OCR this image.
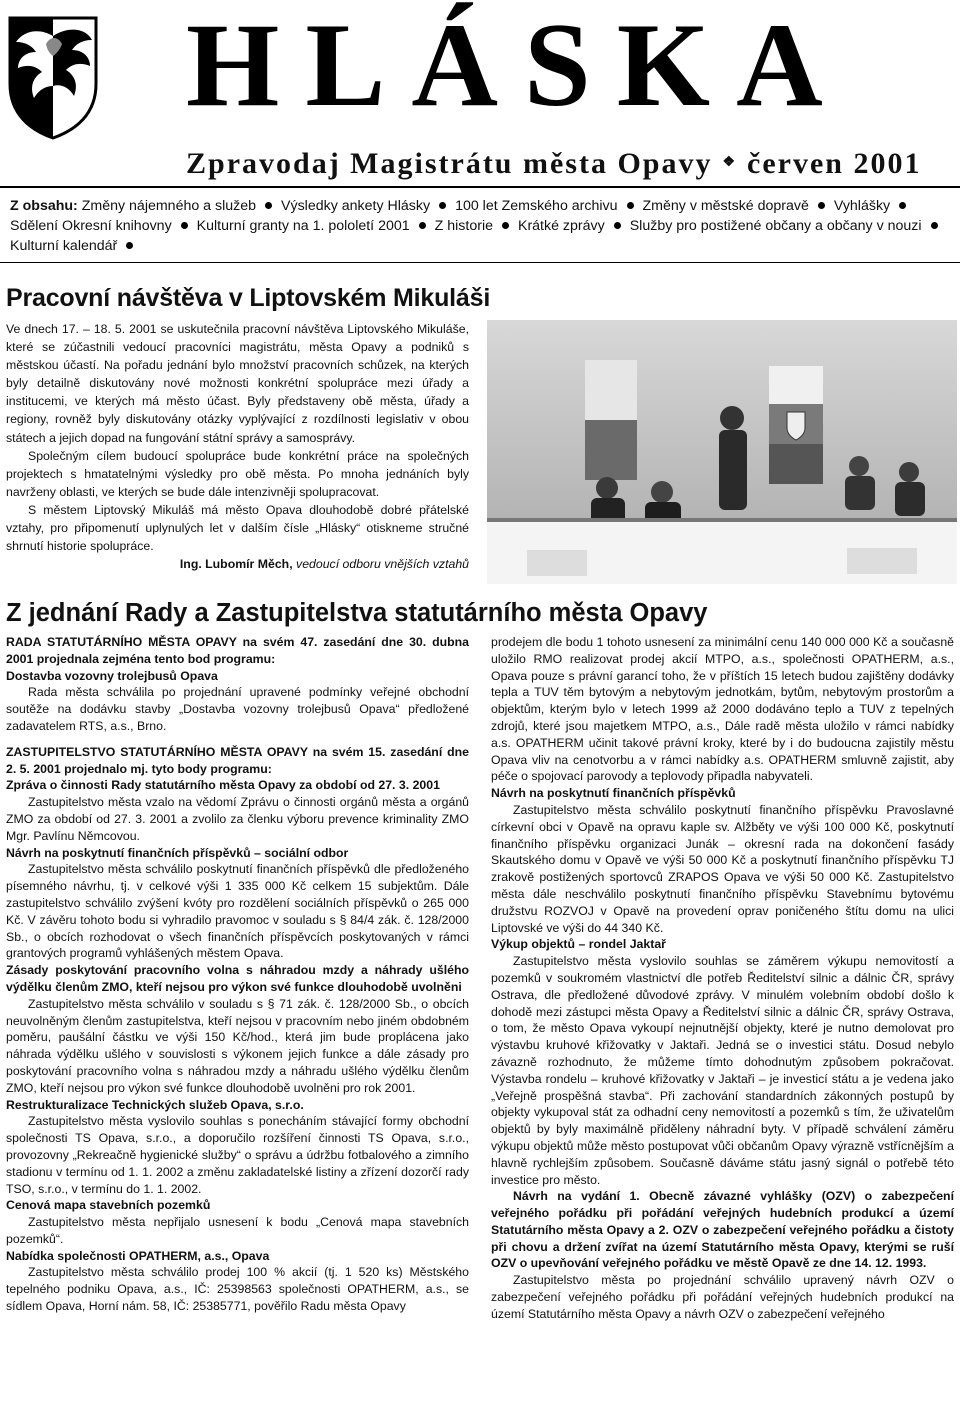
HLÁSKA
Zpravodaj Magistrátu města Opavy ❖ červen 2001
Z obsahu: Změny nájemného a služeb Výsledky ankety Hlásky 100 let Zemského archivu Změny v městské dopravě VyhláškySdělení Okresní knihovny Kulturní granty na 1. pololetí 2001 Z historie Krátké zprávy Služby pro postižené občany a občany v nouziKulturní kalendář
Pracovní návštěva v Liptovském Mikuláši

Ve dnech 17. – 18. 5. 2001 se uskutečnila pracovní návštěva Liptovského Mikuláše, které se zúčastnili vedoucí pracovníci magistrátu, města Opavy a podniků s městskou účastí. Na pořadu jednání bylo množství pracovních schůzek, na kterých byly detailně diskutovány nové možnosti konkrétní spolupráce mezi úřady a institucemi, ve kterých má město účast. Byly představeny obě města, úřady a regiony, rovněž byly diskutovány otázky vyplývající z rozdílnosti legislativ v obou státech a jejich dopad na fungování státní správy a samosprávy.

Společným cílem budoucí spolupráce bude konkrétní práce na společných projektech s hmatatelnými výsledky pro obě města. Po mnoha jednáních byly navrženy oblasti, ve kterých se bude dále intenzivněji spolupracovat.

S městem Liptovský Mikuláš má město Opava dlouhodobě dobré přátelské vztahy, pro připomenutí uplynulých let v dalším čísle „Hlásky“ otiskneme stručné shrnutí historie spolupráce.

Ing. Lubomír Měch, vedoucí odboru vnějších vztahů

Z jednání Rady a Zastupitelstva statutárního města Opavy

RADA STATUTÁRNÍHO MĚSTA OPAVY na svém 47. zasedání dne 30. dubna 2001 projednala zejména tento bod programu:

Dostavba vozovny trolejbusů Opava

Rada města schválila po projednání upravené podmínky veřejné obchodní soutěže na dodávku stavby „Dostavba vozovny trolejbusů Opava“ předložené zadavatelem RTS, a.s., Brno.

ZASTUPITELSTVO STATUTÁRNÍHO MĚSTA OPAVY na svém 15. zasedání dne 2. 5. 2001 projednalo mj. tyto body programu:

Zpráva o činnosti Rady statutárního města Opavy za období od 27. 3. 2001

Zastupitelstvo města vzalo na vědomí Zprávu o činnosti orgánů města a orgánů ZMO za období od 27. 3. 2001 a zvolilo za členku výboru prevence kriminality ZMO Mgr. Pavlínu Němcovou.

Návrh na poskytnutí finančních příspěvků – sociální odbor

Zastupitelstvo města schválilo poskytnutí finančních příspěvků dle předloženého písemného návrhu, tj. v celkové výši 1 335 000 Kč celkem 15 subjektům. Dále zastupitelstvo schválilo zvýšení kvóty pro rozdělení sociálních příspěvků o 265 000 Kč. V závěru tohoto bodu si vyhradilo pravomoc v souladu s § 84/4 zák. č. 128/2000 Sb., o obcích rozhodovat o všech finančních příspěvcích poskytovaných v rámci grantových programů vyhlášených městem Opava.

Zásady poskytování pracovního volna s náhradou mzdy a náhrady ušlého výdělku členům ZMO, kteří nejsou pro výkon své funkce dlouhodobě uvolněni

Zastupitelstvo města schválilo v souladu s § 71 zák. č. 128/2000 Sb., o obcích neuvolněným členům zastupitelstva, kteří nejsou v pracovním nebo jiném obdobném poměru, paušální částku ve výši 150 Kč/hod., která jim bude proplácena jako náhrada výdělku ušlého v souvislosti s výkonem jejich funkce a dále zásady pro poskytování pracovního volna s náhradou mzdy a náhradu ušlého výdělku členům ZMO, kteří nejsou pro výkon své funkce dlouhodobě uvolněni pro rok 2001.

Restrukturalizace Technických služeb Opava, s.r.o.

Zastupitelstvo města vyslovilo souhlas s ponecháním stávající formy obchodní společnosti TS Opava, s.r.o., a doporučilo rozšíření činnosti TS Opava, s.r.o., provozovny „Rekreačně hygienické služby“ o správu a údržbu fotbalového a zimního stadionu v termínu od 1. 1. 2002 a změnu zakladatelské listiny a zřízení dozorčí rady TSO, s.r.o., v termínu do 1. 1. 2002.

Cenová mapa stavebních pozemků

Zastupitelstvo města nepřijalo usnesení k bodu „Cenová mapa stavebních pozemků“.

Nabídka společnosti OPATHERM, a.s., Opava

Zastupitelstvo města schválilo prodej 100 % akcií (tj. 1 520 ks) Městského tepelného podniku Opava, a.s., IČ: 25398563 společnosti OPATHERM, a.s., se sídlem Opava, Horní nám. 58, IČ: 25385771, pověřilo Radu města Opavy

prodejem dle bodu 1 tohoto usnesení za minimální cenu 140 000 000 Kč a současně uložilo RMO realizovat prodej akcií MTPO, a.s., společnosti OPATHERM, a.s., Opava pouze s právní garancí toho, že v příštích 15 letech budou zajištěny dodávky tepla a TUV těm bytovým a nebytovým jednotkám, bytům, nebytovým prostorům a objektům, kterým bylo v letech 1999 až 2000 dodáváno teplo a TUV z tepelných zdrojů, které jsou majetkem MTPO, a.s., Dále radě města uložilo v rámci nabídky a.s. OPATHERM učinit takové právní kroky, které by i do budoucna zajistily městu Opava vliv na cenotvorbu a v rámci nabídky a.s. OPATHERM smluvně zajistit, aby péče o spojovací parovody a teplovody připadla nabyvateli.

Návrh na poskytnutí finančních příspěvků

Zastupitelstvo města schválilo poskytnutí finančního příspěvku Pravoslavné církevní obci v Opavě na opravu kaple sv. Alžběty ve výši 100 000 Kč, poskytnutí finančního příspěvku organizaci Junák – okresní rada na dokončení fasády Skautského domu v Opavě ve výši 50 000 Kč a poskytnutí finančního příspěvku TJ zrakově postižených sportovců ZRAPOS Opava ve výši 50 000 Kč. Zastupitelstvo města dále neschválilo poskytnutí finančního příspěvku Stavebnímu bytovému družstvu ROZVOJ v Opavě na provedení oprav poničeného štítu domu na ulici Liptovské ve výši do 44 340 Kč.

Výkup objektů – rondel Jaktař

Zastupitelstvo města vyslovilo souhlas se záměrem výkupu nemovitostí a pozemků v soukromém vlastnictví dle potřeb Ředitelství silnic a dálnic ČR, správy Ostrava, dle předložené důvodové zprávy. V minulém volebním období došlo k dohodě mezi zástupci města Opavy a Ředitelství silnic a dálnic ČR, správy Ostrava, o tom, že město Opava vykoupí nejnutnější objekty, které je nutno demolovat pro výstavbu kruhové křižovatky v Jaktaři. Jedná se o investici státu. Dosud nebylo závazně rozhodnuto, že můžeme tímto dohodnutým způsobem pokračovat. Výstavba rondelu – kruhové křižovatky v Jaktaři – je investicí státu a je vedena jako „Veřejně prospěšná stavba“. Při zachování standardních zákonných postupů by objekty vykupoval stát za odhadní ceny nemovitostí a pozemků s tím, že uživatelům objektů by byly maximálně přiděleny náhradní byty. V případě schválení záměru výkupu objektů může město postupovat vůči občanům Opavy výrazně vstřícnějším a hlavně rychlejším způsobem. Současně dáváme státu jasný signál o potřebě této investice pro město.

Návrh na vydání 1. Obecně závazné vyhlášky (OZV) o zabezpečení veřejného pořádku při pořádání veřejných hudebních produkcí a území Statutárního města Opavy a 2. OZV o zabezpečení veřejného pořádku a čistoty při chovu a držení zvířat na území Statutárního města Opavy, kterými se ruší OZV o upevňování veřejného pořádku ve městě Opavě ze dne 14. 12. 1993.

Zastupitelstvo města po projednání schválilo upravený návrh OZV o zabezpečení veřejného pořádku při pořádání veřejných hudebních produkcí na území Statutárního města Opavy a návrh OZV o zabezpečení veřejného
